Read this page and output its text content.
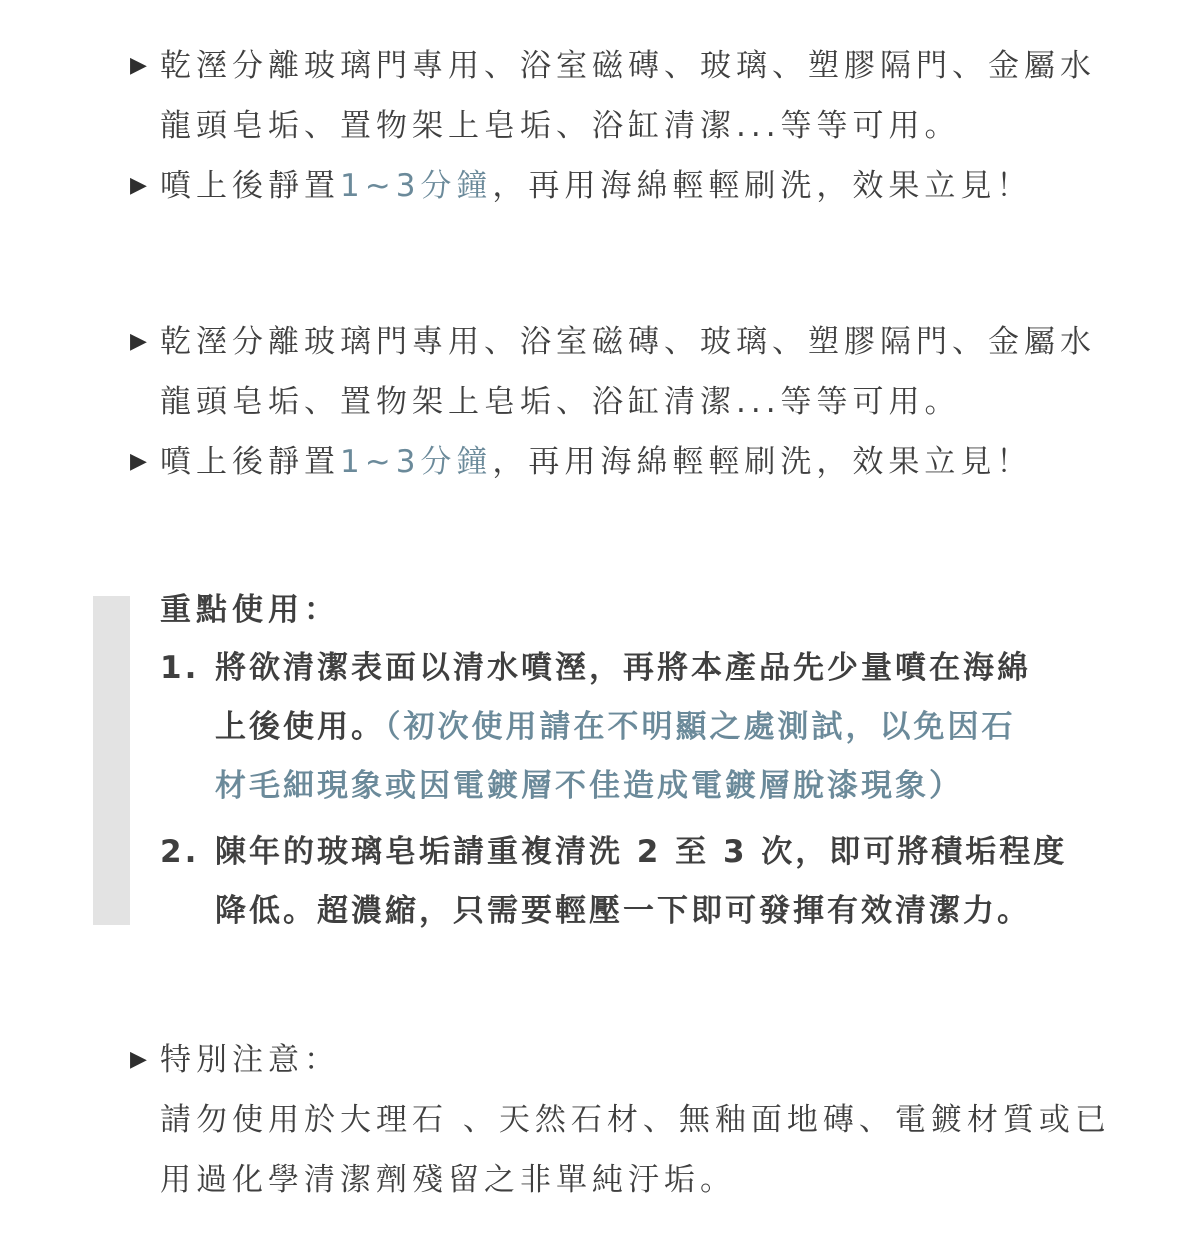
▶ 乾溼分離玻璃門專用、浴室磁磚、玻璃、塑膠隔門、金屬水
龍頭皂垢、置物架上皂垢、浴缸清潔...等等可用。
▶ 噴上後靜置1~3分鐘，再用海綿輕輕刷洗，效果立見！
▶ 乾溼分離玻璃門專用、浴室磁磚、玻璃、塑膠隔門、金屬水
龍頭皂垢、置物架上皂垢、浴缸清潔...等等可用。
▶ 噴上後靜置1~3分鐘，再用海綿輕輕刷洗，效果立見！
重點使用：
1. 將欲清潔表面以清水噴溼，再將本產品先少量噴在海綿
上後使用。（初次使用請在不明顯之處測試，以免因石
材毛細現象或因電鍍層不佳造成電鍍層脫漆現象）
2. 陳年的玻璃皂垢請重複清洗 2 至 3 次，即可將積垢程度
降低。超濃縮，只需要輕壓一下即可發揮有效清潔力。
▶ 特別注意：
請勿使用於大理石 、天然石材、無釉面地磚、電鍍材質或已
用過化學清潔劑殘留之非單純汙垢。
